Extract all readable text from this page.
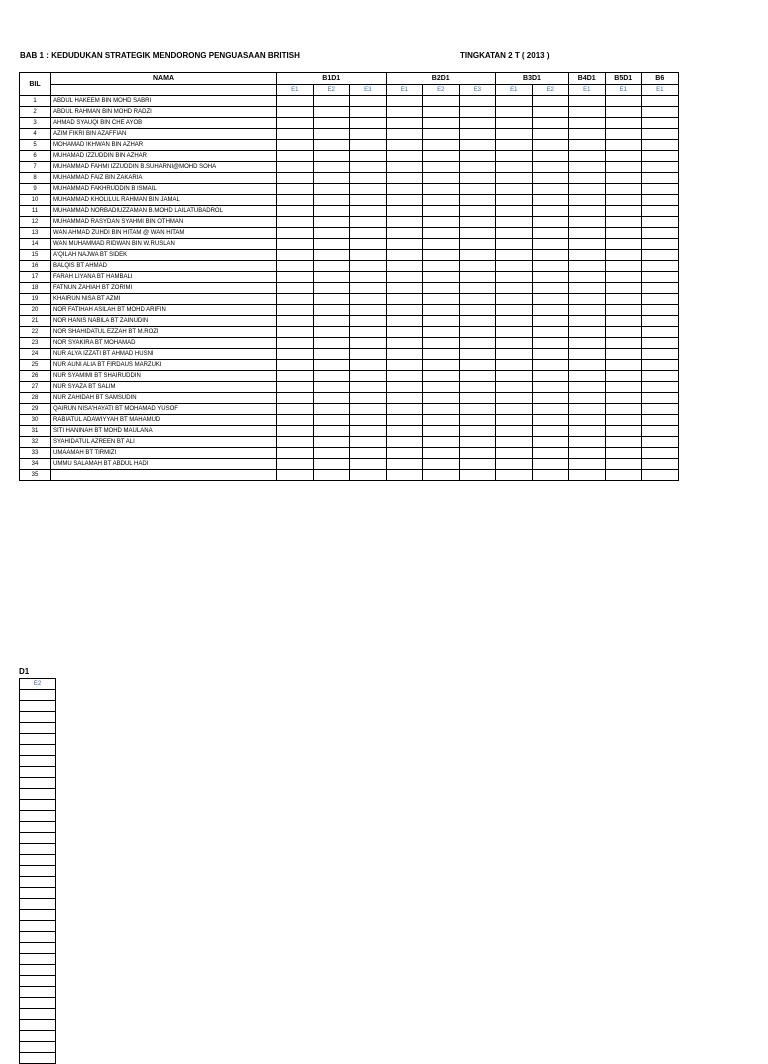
BAB 1 : KEDUDUKAN STRATEGIK MENDORONG PENGUASAAN BRITISH	TINGKATAN 2 T ( 2013 )
BIL	NAMA	B1D1			B2D1			B3D1		B4D1	B5D1	B6
		E1	E2	E3	E1	E2	E3	E1	E2	E1	E1	E1
1	ABDUL HAKEEM BIN MOHD SABRI											
2	ABDUL RAHMAN BIN MOHD RADZI											
3	AHMAD SYAUQI BIN CHE AYOB											
4	AZIM FIKRI BIN AZAFFIAN											
5	MOHAMAD IKHWAN BIN AZHAR											
6	MUHAMAD IZZUDDIN BIN AZHAR											
7	MUHAMMAD FAHMI IZZUDDIN B.SUHARNI@MOHD SOHA											
8	MUHAMMAD FAIZ BIN ZAKARIA											
9	MUHAMMAD FAKHRUDDIN B ISMAIL											
10	MUHAMMAD KHOLILUL RAHMAN BIN JAMAL											
11	MUHAMMAD NORBADIUZZAMAN B.MOHD LAILATUBADROL											
12	MUHAMMAD RASYDAN SYAHMI BIN OTHMAN											
13	WAN AHMAD ZUHDI BIN HITAM @ WAN HITAM											
14	WAN MUHAMMAD RIDWAN BIN W.RUSLAN											
15	A'QILAH NAJWA BT SIDEK											
16	BALQIS BT AHMAD											
17	FARAH LIYANA BT HAMBALI											
18	FATNUN ZAHIAH BT ZORIMI											
19	KHAIRUN NISA BT AZMI											
20	NOR FATIHAH ASILAH BT MOHD ARIFIN											
21	NOR HANIS NABILA BT ZAINUDIN											
22	NOR SHAHIDATUL EZZAH BT M.ROZI											
23	NOR SYAKIRA BT MOHAMAD											
24	NUR ALYA IZZATI BT AHMAD HUSNI											
25	NUR AUNI ALIA BT FIRDAUS MARZUKI											
26	NUR SYAMIMI BT SHAIRUDDIN											
27	NUR SYAZA BT SALIM											
28	NUR ZAHIDAH BT SAMSUDIN											
29	QAIRUN NISA'HAYATI BT MOHAMAD YUSOF											
30	RABIATUL ADAWIYYAH BT MAHAMUD											
31	SITI HANINAH BT MOHD MAULANA											
32	SYAHIDATUL AZREEN BT ALI											
33	UMAAMAH BT TIRMIZI											
34	UMMU SALAMAH BT ABDUL HADI											
35												
D1
E2
